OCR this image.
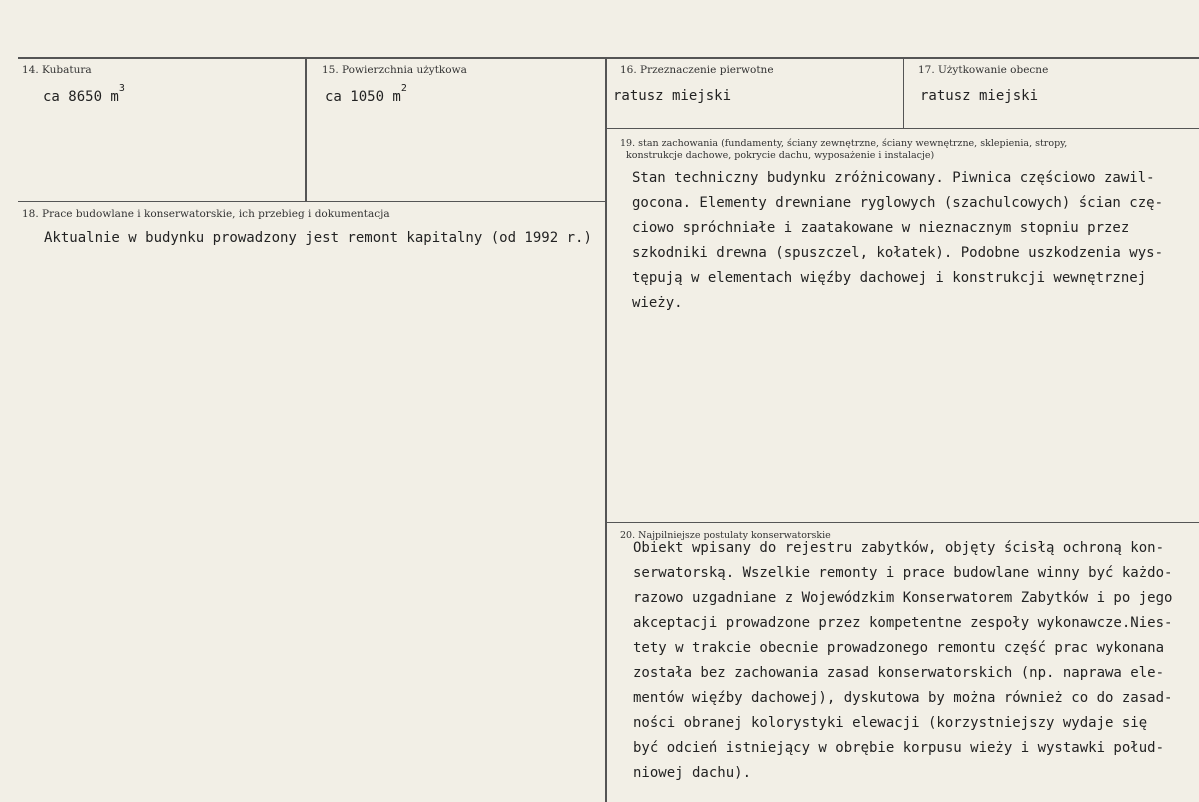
14. Kubatura
ca 8650 $m^3$
15. Powierzchnia użytkowa
ca 1050 $m^2$
16. Przeznaczenie pierwotne
ratusz miejski
17. Użytkowanie obecne
ratusz miejski
18. Prace budowlane i konserwatorskie, ich przebieg i dokumentacja
Aktualnie w budynku prowadzony jest remont kapitalny (od 1992 r.)
19. stan zachowania (fundamenty, ściany zewnętrzne, ściany wewnętrzne, sklepienia, stropy,
konstrukcje dachowe, pokrycie dachu, wyposażenie i instalacje)
Stan techniczny budynku zróżnicowany. Piwnica częściowo zawil-
gocona. Elementy drewniane ryglowych (szachulcowych) ścian czę-
ciowo spróchniałe i zaatakowane w nieznacznym stopniu przez
szkodniki drewna (spuszczel, kołatek). Podobne uszkodzenia wys-
tępują w elementach więźby dachowej i konstrukcji wewnętrznej
wieży.
20. Najpilniejsze postulaty konserwatorskie
Obiekt wpisany do rejestru zabytków, objęty ścisłą ochroną kon-
serwatorską. Wszelkie remonty i prace budowlane winny być każdo-
razowo uzgadniane z Wojewódzkim Konserwatorem Zabytków i po jego
akceptacji prowadzone przez kompetentne zespoły wykonawcze.Nies-
tety w trakcie obecnie prowadzonego remontu część prac wykonana
została bez zachowania zasad konserwatorskich (np. naprawa ele-
mentów więźby dachowej), dyskutowa by można również co do zasad-
ności obranej kolorystyki elewacji (korzystniejszy wydaje się
być odcień istniejący w obrębie korpusu wieży i wystawki połud-
niowej dachu).
